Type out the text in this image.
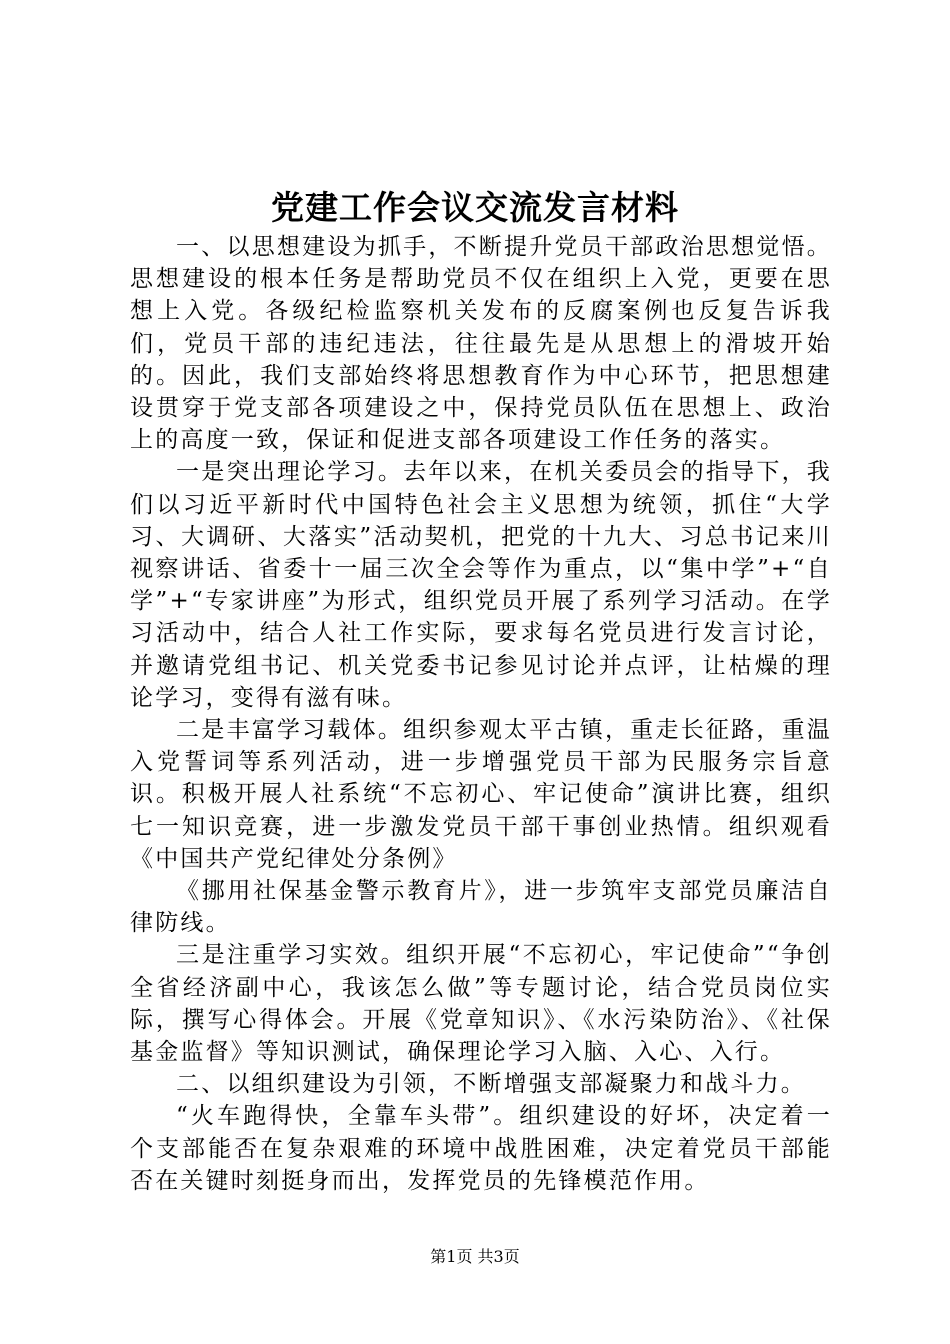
党建工作会议交流发言材料

一、以思想建设为抓手，不断提升党员干部政治思想觉悟。思想建设的根本任务是帮助党员不仅在组织上入党，更要在思想上入党。各级纪检监察机关发布的反腐案例也反复告诉我们，党员干部的违纪违法，往往最先是从思想上的滑坡开始的。因此，我们支部始终将思想教育作为中心环节，把思想建设贯穿于党支部各项建设之中，保持党员队伍在思想上、政治上的高度一致，保证和促进支部各项建设工作任务的落实。

一是突出理论学习。去年以来，在机关委员会的指导下，我们以习近平新时代中国特色社会主义思想为统领，抓住“大学习、大调研、大落实”活动契机，把党的十九大、习总书记来川视察讲话、省委十一届三次全会等作为重点，以“集中学”+“自学”+“专家讲座”为形式，组织党员开展了系列学习活动。在学习活动中，结合人社工作实际，要求每名党员进行发言讨论，并邀请党组书记、机关党委书记参见讨论并点评，让枯燥的理论学习，变得有滋有味。

二是丰富学习载体。组织参观太平古镇，重走长征路，重温入党誓词等系列活动，进一步增强党员干部为民服务宗旨意识。积极开展人社系统“不忘初心、牢记使命”演讲比赛，组织七一知识竞赛，进一步激发党员干部干事创业热情。组织观看《中国共产党纪律处分条例》

《挪用社保基金警示教育片》，进一步筑牢支部党员廉洁自律防线。

三是注重学习实效。组织开展“不忘初心，牢记使命”“争创全省经济副中心，我该怎么做”等专题讨论，结合党员岗位实际，撰写心得体会。开展《党章知识》、《水污染防治》、《社保基金监督》等知识测试，确保理论学习入脑、入心、入行。

二、以组织建设为引领，不断增强支部凝聚力和战斗力。

“火车跑得快，全靠车头带”。组织建设的好坏，决定着一个支部能否在复杂艰难的环境中战胜困难，决定着党员干部能否在关键时刻挺身而出，发挥党员的先锋模范作用。

第1页 共3页
